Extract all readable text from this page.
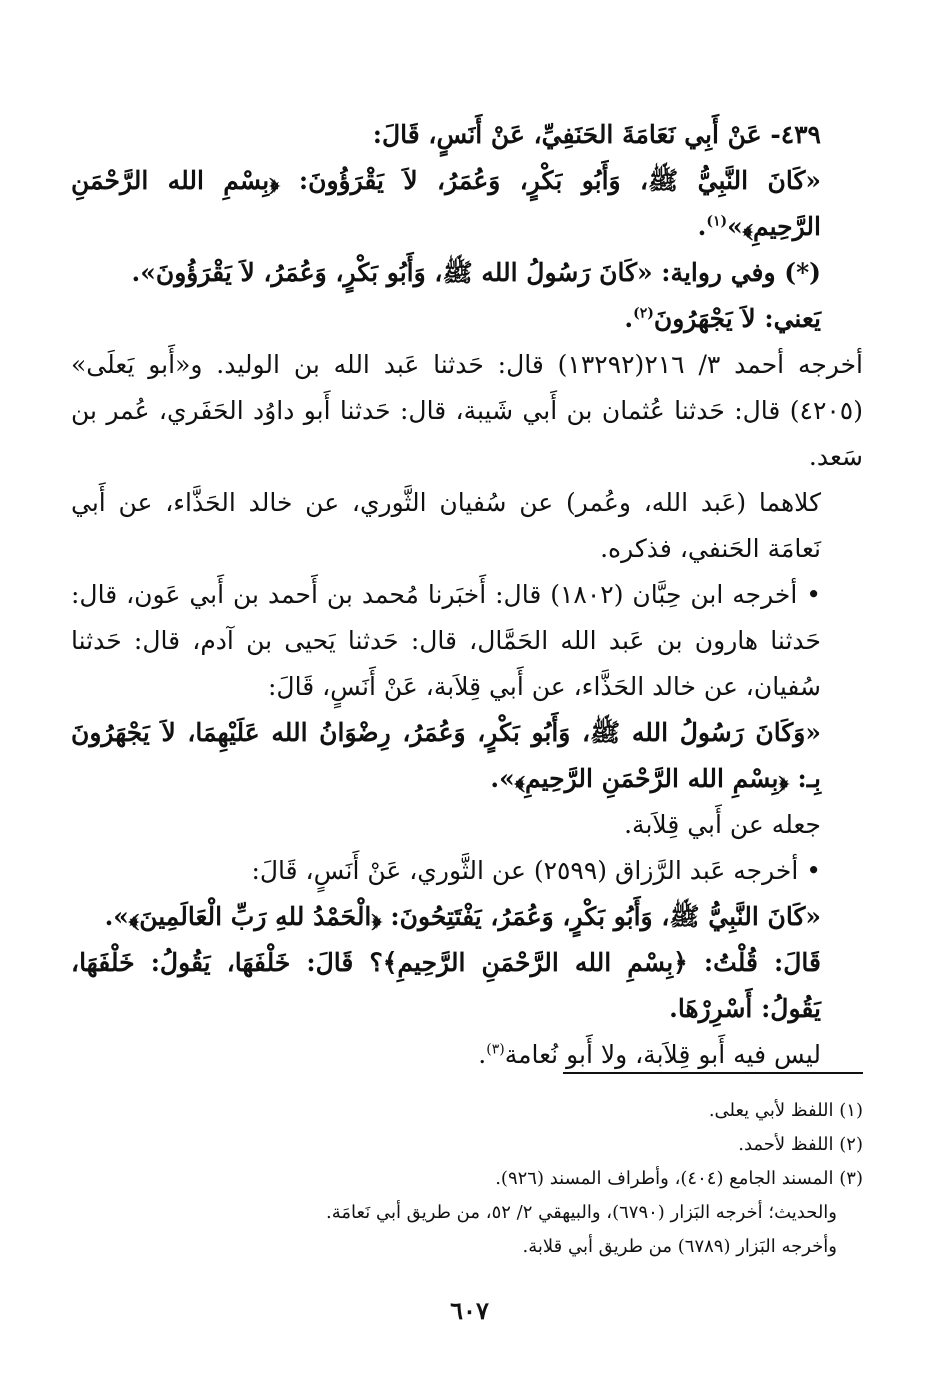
٤٣٩- عَنْ أَبِي نَعَامَةَ الحَنَفِيِّ، عَنْ أَنَسٍ، قَالَ:

«كَانَ النَّبِيُّ ﷺ، وَأَبُو بَكْرٍ، وَعُمَرُ، لاَ يَقْرَؤُونَ: ﴿بِسْمِ الله الرَّحْمَنِ الرَّحِيمِ﴾»$^{(١)}$.

(*) وفي رواية: «كَانَ رَسُولُ الله ﷺ، وَأَبُو بَكْرٍ، وَعُمَرُ، لاَ يَقْرَؤُونَ».

يَعني: لاَ يَجْهَرُونَ$^{(٢)}$.

أخرجه أحمد ٣/ ٢١٦(١٣٢٩٢) قال: حَدثنا عَبد الله بن الوليد. و«أَبو يَعلَى» (٤٢٠٥) قال: حَدثنا عُثمان بن أَبي شَيبة، قال: حَدثنا أَبو داوُد الحَفَري، عُمر بن سَعد.

كلاهما (عَبد الله، وعُمر) عن سُفيان الثَّوري، عن خالد الحَذَّاء، عن أَبي نَعامَة الحَنفي، فذكره.

• أخرجه ابن حِبَّان (١٨٠٢) قال: أَخبَرنا مُحمد بن أَحمد بن أَبي عَون، قال: حَدثنا هارون بن عَبد الله الحَمَّال، قال: حَدثنا يَحيى بن آدم، قال: حَدثنا سُفيان، عن خالد الحَذَّاء، عن أَبي قِلاَبة، عَنْ أَنَسٍ، قَالَ:

«وَكَانَ رَسُولُ الله ﷺ، وَأَبُو بَكْرٍ، وَعُمَرُ، رِضْوَانُ الله عَلَيْهِمَا، لاَ يَجْهَرُونَ بِـ: ﴿بِسْمِ الله الرَّحْمَنِ الرَّحِيمِ﴾».

جعله عن أَبي قِلاَبة.

• أخرجه عَبد الرَّزاق (٢٥٩٩) عن الثَّوري، عَنْ أَنَسٍ، قَالَ:

«كَانَ النَّبِيُّ ﷺ، وَأَبُو بَكْرٍ، وَعُمَرُ، يَفْتَتِحُونَ: ﴿الْحَمْدُ للهِ رَبِّ الْعَالَمِينَ﴾».

قَالَ: قُلْتُ: ﴿بِسْمِ الله الرَّحْمَنِ الرَّحِيمِ﴾؟ قَالَ: خَلْفَهَا، يَقُولُ: خَلْفَهَا، يَقُولُ: أَسْرِرْهَا.

ليس فيه أَبو قِلاَبة، ولا أَبو نُعامة$^{(٣)}$.

(١) اللفظ لأبي يعلى.

(٢) اللفظ لأحمد.

(٣) المسند الجامع (٤٠٤)، وأطراف المسند (٩٢٦).

والحديث؛ أخرجه البَزار (٦٧٩٠)، والبيهقي ٢/ ٥٢، من طريق أبي نَعامَة.

وأخرجه البَزار (٦٧٨٩) من طريق أبي قلابة.

٦٠٧
